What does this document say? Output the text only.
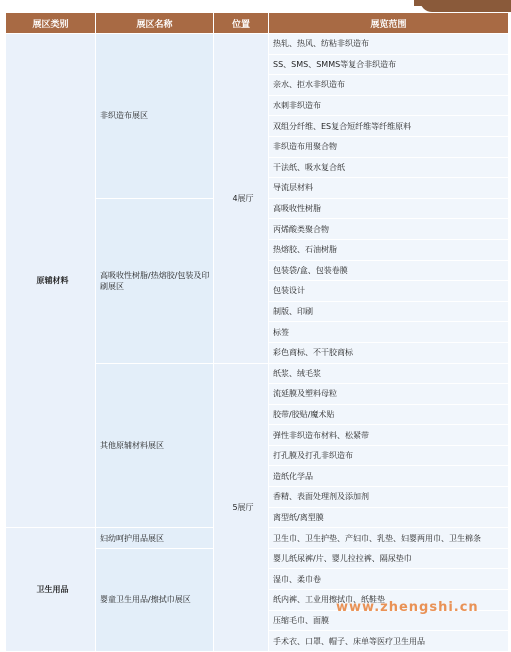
展区类别	展区名称	位置	展览范围
原辅材料	非织造布展区	4展厅	热轧、热风、纺粘非织造布
			SS、SMS、SMMS等复合非织造布
			亲水、拒水非织造布
			水刺非织造布
			双组分纤维、ES复合短纤维等纤维原料
			非织造布用聚合物
			干法纸、吸水复合纸
			导流层材料
	高吸收性树脂/热熔胶/包装及印刷展区		高吸收性树脂
			丙烯酸类聚合物
			热熔胶、石油树脂
			包装袋/盒、包装卷膜
			包装设计
			制版、印刷
			标签
			彩色商标、不干胶商标
	其他原辅材料展区	5展厅	纸浆、绒毛浆
			流延膜及塑料母粒
			胶带/胶贴/魔术贴
			弹性非织造布材料、松紧带
			打孔膜及打孔非织造布
			造纸化学品
			香精、表面处理剂及添加剂
			离型纸/离型膜
卫生用品	妇幼呵护用品展区		卫生巾、卫生护垫、产妇巾、乳垫、妇婴两用巾、卫生棉条
	婴童卫生用品/擦拭巾展区		婴儿纸尿裤/片、婴儿拉拉裤、隔尿垫巾
			湿巾、柔巾卷
			纸内裤、工业用擦拭巾、纸鞋垫
			压缩毛巾、面膜
			手术衣、口罩、帽子、床单等医疗卫生用品
www.zhengshi.cn
